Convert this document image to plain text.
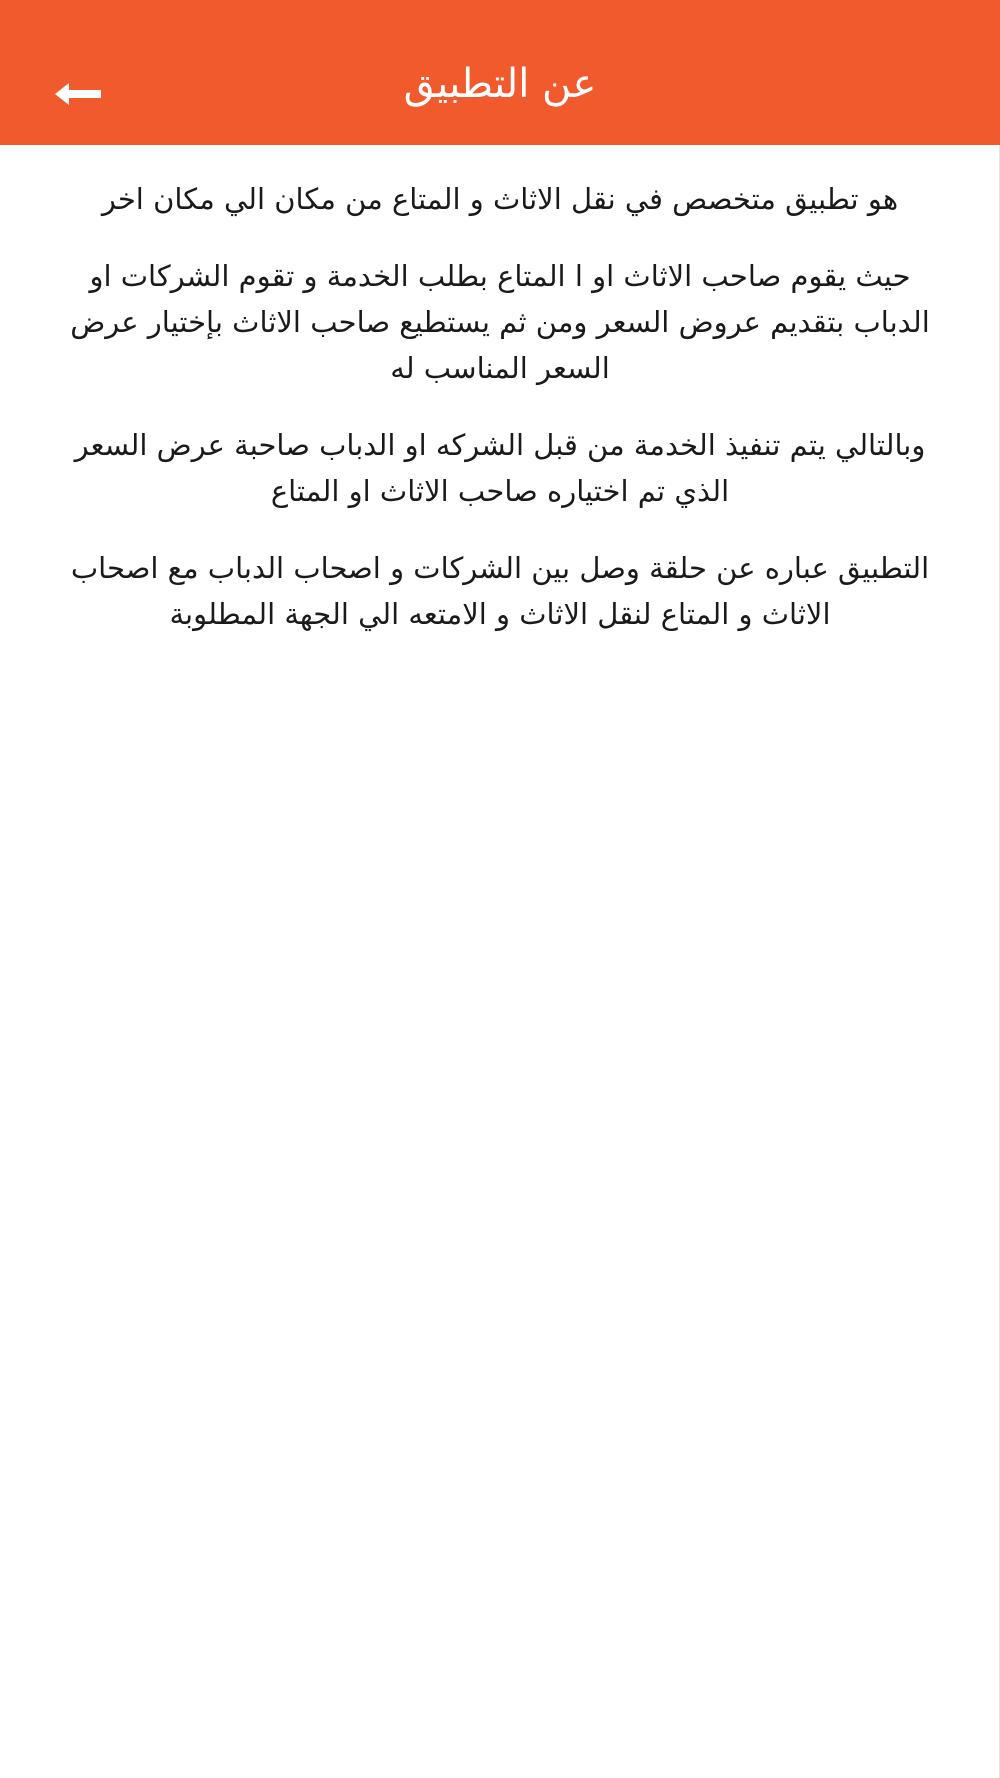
عن التطبيق

هو تطبيق متخصص في نقل الاثاث و المتاع من مكان الي مكان اخر

حيث يقوم صاحب الاثاث او ا المتاع بطلب الخدمة و تقوم الشركات او الدباب بتقديم عروض السعر ومن ثم يستطيع صاحب الاثاث بإختيار عرض السعر المناسب له

وبالتالي يتم تنفيذ الخدمة من قبل الشركه او الدباب صاحبة عرض السعر الذي تم اختياره صاحب الاثاث او المتاع

التطبيق عباره عن حلقة وصل بين الشركات و اصحاب الدباب مع اصحاب الاثاث و المتاع لنقل الاثاث و الامتعه الي الجهة المطلوبة
